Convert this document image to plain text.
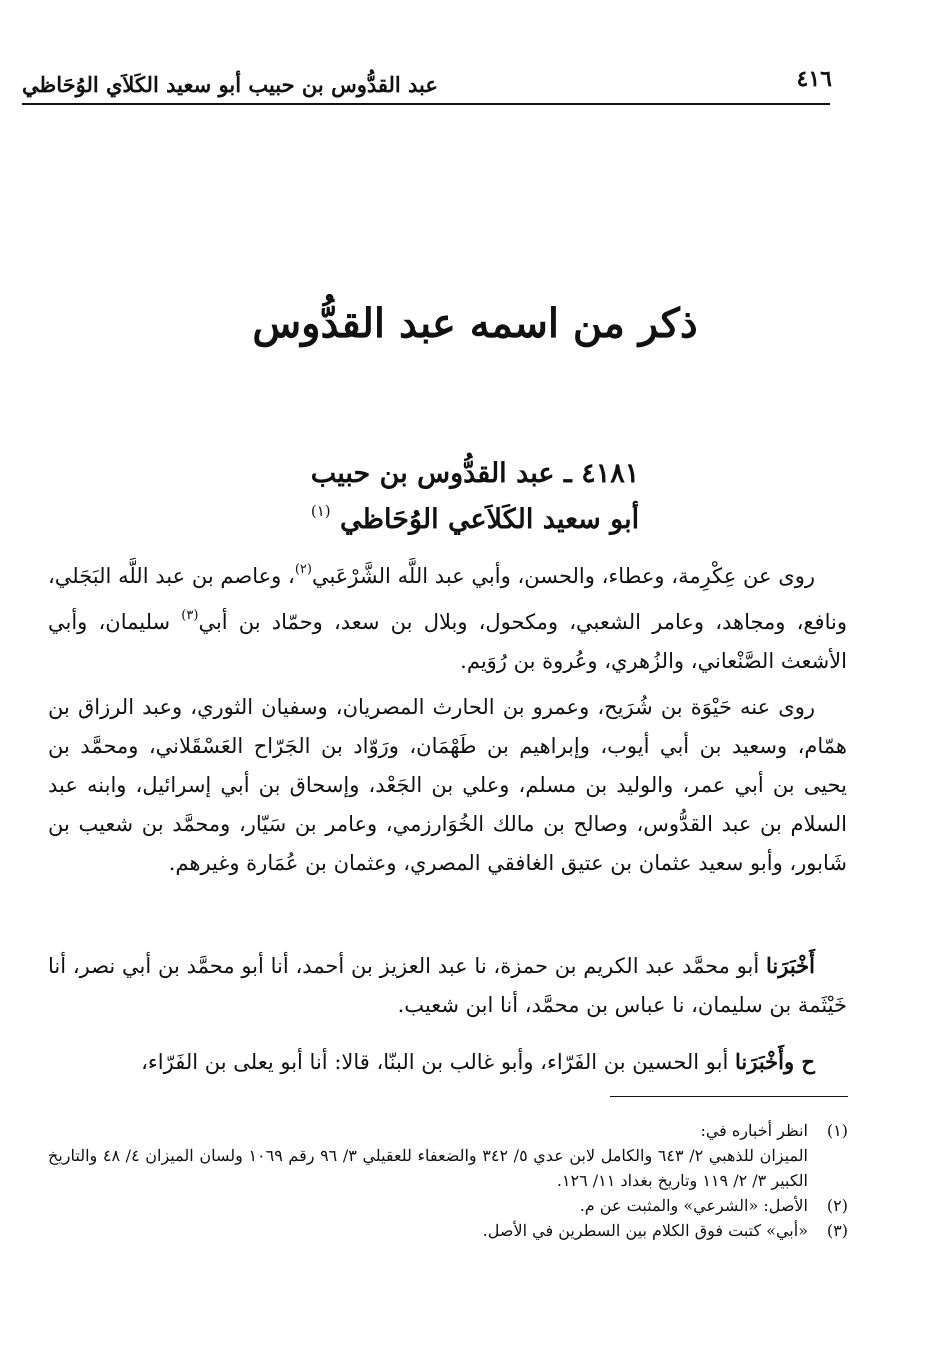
٤١٦
عبد القدُّوس بن حبيب أبو سعيد الكَلاَي الوُحَاظي
ذكر من اسمه عبد القدُّوس
٤١٨١ ـ عبد القدُّوس بن حبيب
أبو سعيد الكَلاَعي الوُحَاظي $^{(١)}$

روى عن عِكْرِمة، وعطاء، والحسن، وأبي عبد اللَّه الشَّرْعَبي$^{(٢)}$، وعاصم بن عبد اللَّه البَجَلي، ونافع، ومجاهد، وعامر الشعبي، ومكحول، وبلال بن سعد، وحمّاد بن أبي$^{(٣)}$ سليمان، وأبي الأشعث الصَّنْعاني، والزُهري، وعُروة بن رُوَيم.

روى عنه حَيْوَة بن شُرَيح، وعمرو بن الحارث المصريان، وسفيان الثوري، وعبد الرزاق بن همّام، وسعيد بن أبي أيوب، وإبراهيم بن طَهْمَان، ورَوّاد بن الجَرّاح العَسْقَلاني، ومحمَّد بن يحيى بن أبي عمر، والوليد بن مسلم، وعلي بن الجَعْد، وإسحاق بن أبي إسرائيل، وابنه عبد السلام بن عبد القدُّوس، وصالح بن مالك الخُوَارزمي، وعامر بن سَيّار، ومحمَّد بن شعيب بن شَابور، وأبو سعيد عثمان بن عتيق الغافقي المصري، وعثمان بن عُمَارة وغيرهم.

أَخْبَرَنا أبو محمَّد عبد الكريم بن حمزة، نا عبد العزيز بن أحمد، أنا أبو محمَّد بن أبي نصر، أنا خَيْثَمة بن سليمان، نا عباس بن محمَّد، أنا ابن شعيب.

ح وأَخْبَرَنا أبو الحسين بن الفَرّاء، وأبو غالب بن البنّا، قالا: أنا أبو يعلى بن الفَرّاء،

(١)
انظر أخباره في:
الميزان للذهبي ٢/ ٦٤٣ والكامل لابن عدي ٥/ ٣٤٢ والضعفاء للعقيلي ٣/ ٩٦ رقم ١٠٦٩ ولسان الميزان ٤/ ٤٨ والتاريخ الكبير ٣/ ٢/ ١١٩ وتاريخ بغداد ١١/ ١٢٦.
(٢)
الأصل: «الشرعي» والمثبت عن م.
(٣)
«أبي» كتبت فوق الكلام بين السطرين في الأصل.
